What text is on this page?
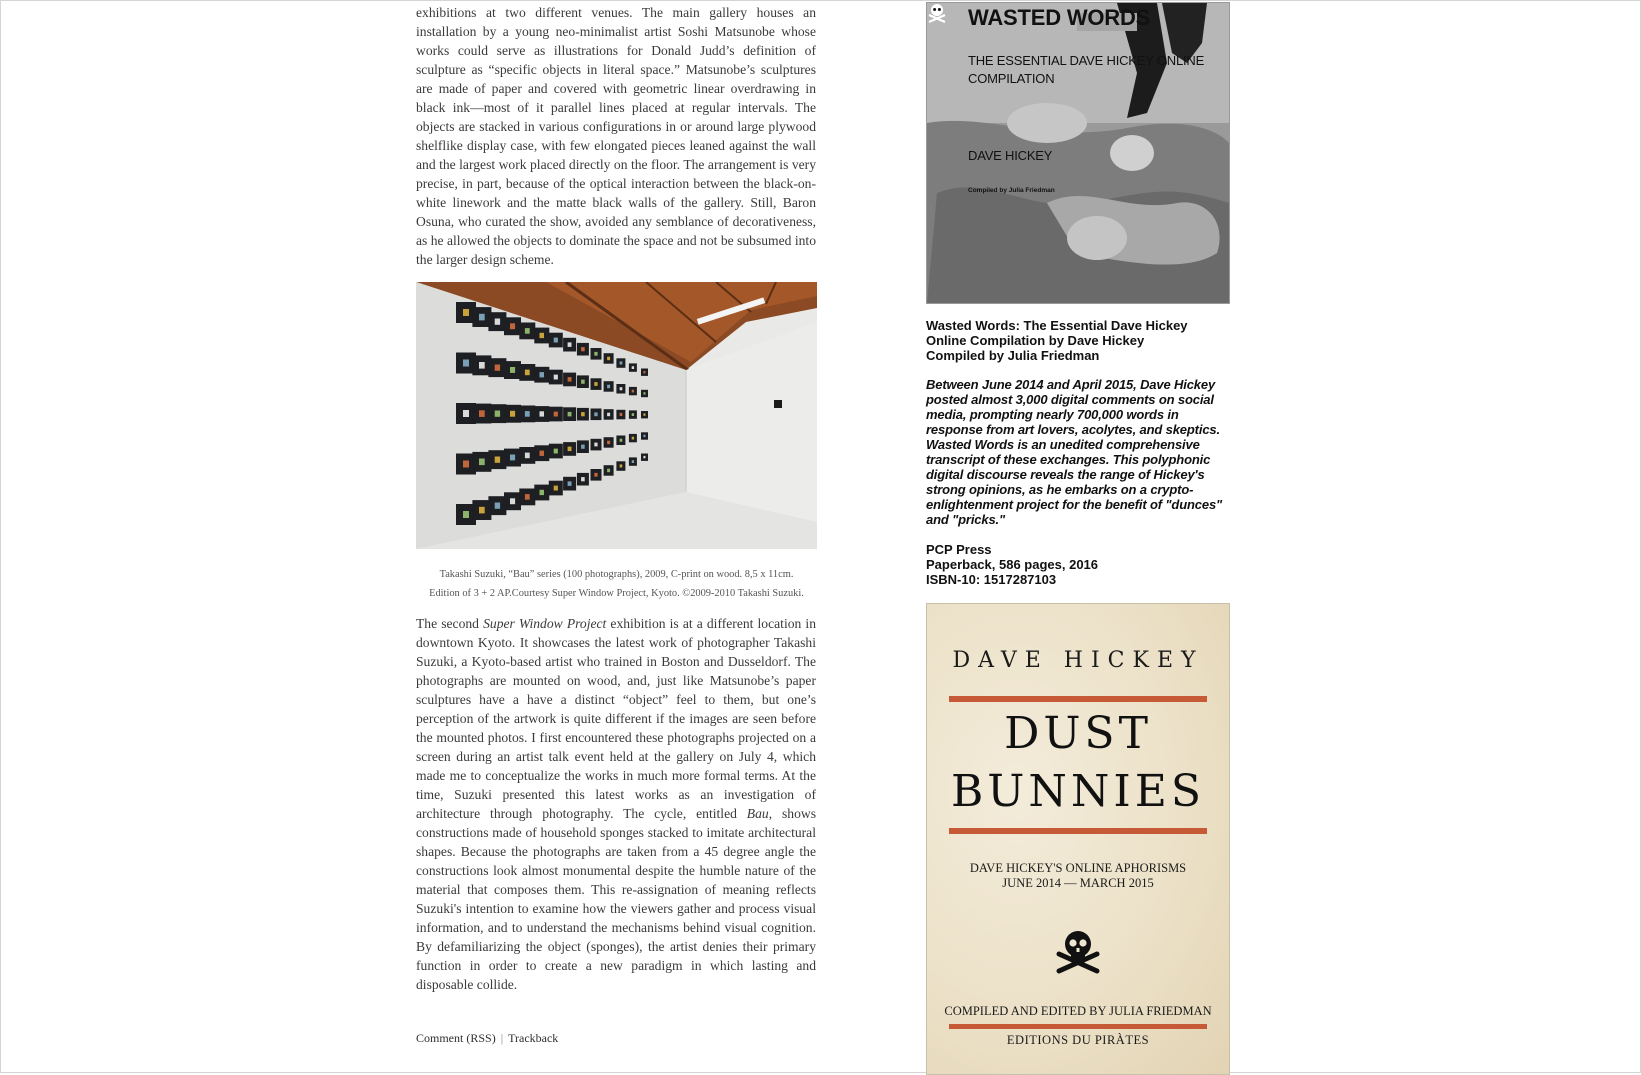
exhibitions at two different venues. The main gallery houses an installation by a young neo-minimalist artist Soshi Matsunobe whose works could serve as illustrations for Donald Judd’s definition of sculpture as “specific objects in literal space.” Matsunobe’s sculptures are made of paper and covered with geometric linear overdrawing in black ink—most of it parallel lines placed at regular intervals. The objects are stacked in various configurations in or around large plywood shelflike display case, with few elongated pieces leaned against the wall and the largest work placed directly on the floor. The arrangement is very precise, in part, because of the optical interaction between the black-on-white linework and the matte black walls of the gallery. Still, Baron Osuna, who curated the show, avoided any semblance of decorativeness, as he allowed the objects to dominate the space and not be subsumed into the larger design scheme.

The second Super Window Project exhibition is at a different location in downtown Kyoto. It showcases the latest work of photographer Takashi Suzuki, a Kyoto-based artist who trained in Boston and Dusseldorf. The photographs are mounted on wood, and, just like Matsunobe’s paper sculptures have a have a distinct “object” feel to them, but one’s perception of the artwork is quite different if the images are seen before the mounted photos. I first encountered these photographs projected on a screen during an artist talk event held at the gallery on July 4, which made me to conceptualize the works in much more formal terms. At the time, Suzuki presented this latest works as an investigation of architecture through photography. The cycle, entitled Bau, shows constructions made of household sponges stacked to imitate architectural shapes. Because the photographs are taken from a 45 degree angle the constructions look almost monumental despite the humble nature of the material that composes them. This re-assignation of meaning reflects Suzuki's intention to examine how the viewers gather and process visual information, and to understand the mechanisms behind visual cognition. By defamiliarizing the object (sponges), the artist denies their primary function in order to create a new paradigm in which lasting and disposable collide.

Takashi Suzuki, “Bau” series (100 photographs), 2009, C-print on wood. 8,5 x 11cm.
Edition of 3 + 2 AP.Courtesy Super Window Project, Kyoto. ©2009-2010 Takashi Suzuki.
Comment (RSS) | Trackback
WASTED WORDS
THE ESSENTIAL DAVE HICKEY ONLINE COMPILATION
DAVE HICKEY
Compiled by Julia Friedman
Wasted Words: The Essential Dave Hickey
Online Compilation by Dave Hickey
Compiled by Julia Friedman
Between June 2014 and April 2015, Dave Hickey posted almost 3,000 digital comments on social media, prompting nearly 700,000 words in response from art lovers, acolytes, and skeptics. Wasted Words is an unedited comprehensive transcript of these exchanges. This polyphonic digital discourse reveals the range of Hickey's strong opinions, as he embarks on a crypto-enlightenment project for the benefit of "dunces" and "pricks."
PCP Press
Paperback, 586 pages, 2016
ISBN-10: 1517287103
DAVE HICKEY
DUST
BUNNIES
DAVE HICKEY'S ONLINE APHORISMS
JUNE 2014 — MARCH 2015
COMPILED AND EDITED BY JULIA FRIEDMAN
EDITIONS DU PIRÀTES
